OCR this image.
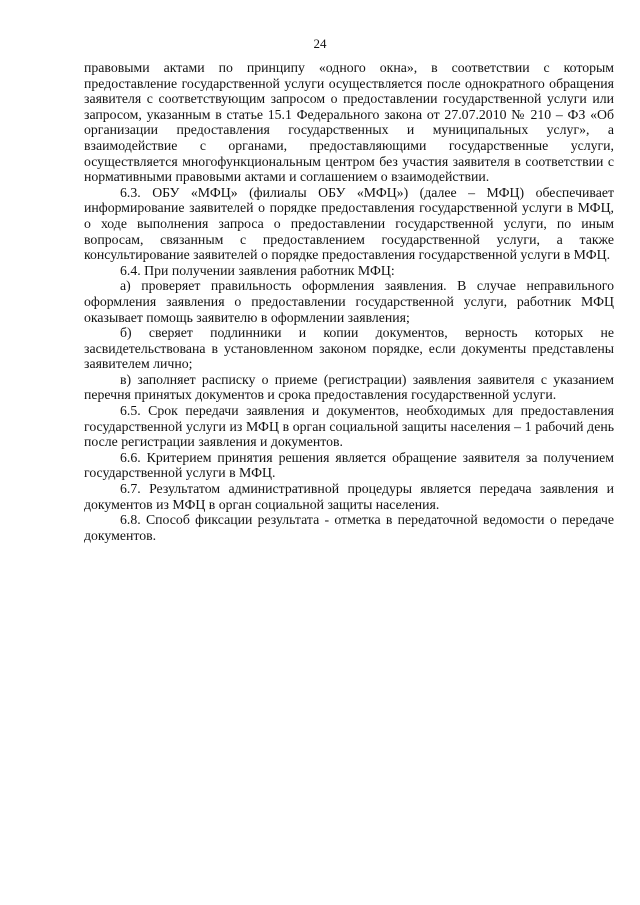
24

правовыми актами по принципу «одного окна», в соответствии с которым предоставление государственной услуги осуществляется после однократного обращения заявителя с соответствующим запросом о предоставлении государственной услуги или запросом, указанным в статье 15.1 Федерального закона от 27.07.2010 № 210 – ФЗ «Об организации предоставления государственных и муниципальных услуг», а взаимодействие с органами, предоставляющими государственные услуги, осуществляется многофункциональным центром без участия заявителя в соответствии с нормативными правовыми актами и соглашением о взаимодействии.

6.3. ОБУ «МФЦ» (филиалы ОБУ «МФЦ») (далее – МФЦ) обеспечивает информирование заявителей о порядке предоставления государственной услуги в МФЦ, о ходе выполнения запроса о предоставлении государственной услуги, по иным вопросам, связанным с предоставлением государственной услуги, а также консультирование заявителей о порядке предоставления государственной услуги в МФЦ.

6.4. При получении заявления работник МФЦ:

а) проверяет правильность оформления заявления. В случае неправильного оформления заявления о предоставлении государственной услуги, работник МФЦ оказывает помощь заявителю в оформлении заявления;

б) сверяет подлинники и копии документов, верность которых не засвидетельствована в установленном законом порядке, если документы представлены заявителем лично;

в) заполняет расписку о приеме (регистрации) заявления заявителя с указанием перечня принятых документов и срока предоставления государственной услуги.

6.5. Срок передачи заявления и документов, необходимых для предоставления государственной услуги из МФЦ в орган социальной защиты населения – 1 рабочий день после регистрации заявления и документов.

6.6. Критерием принятия решения является обращение заявителя за получением государственной услуги в МФЦ.

6.7. Результатом административной процедуры является передача заявления и документов из МФЦ в орган социальной защиты населения.

6.8. Способ фиксации результата - отметка в передаточной ведомости о передаче документов.
